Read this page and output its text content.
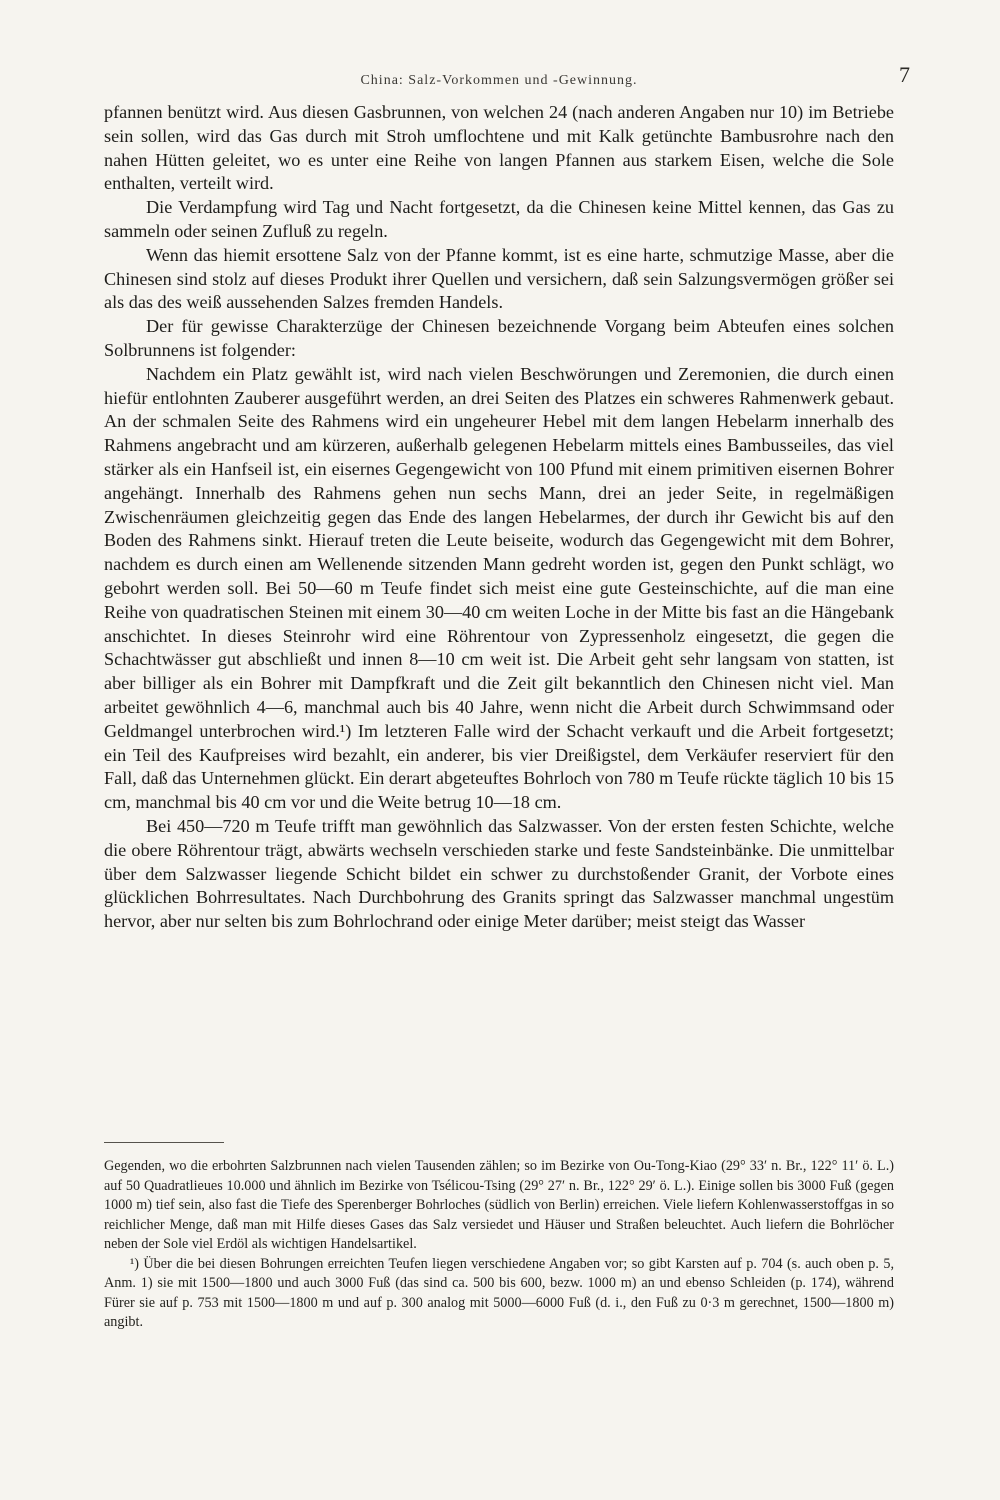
China: Salz-Vorkommen und -Gewinnung.	7

pfannen benützt wird. Aus diesen Gasbrunnen, von welchen 24 (nach anderen Angaben nur 10) im Betriebe sein sollen, wird das Gas durch mit Stroh umflochtene und mit Kalk getünchte Bambusrohre nach den nahen Hütten geleitet, wo es unter eine Reihe von langen Pfannen aus starkem Eisen, welche die Sole enthalten, verteilt wird.

Die Verdampfung wird Tag und Nacht fortgesetzt, da die Chinesen keine Mittel kennen, das Gas zu sammeln oder seinen Zufluß zu regeln.

Wenn das hiemit ersottene Salz von der Pfanne kommt, ist es eine harte, schmutzige Masse, aber die Chinesen sind stolz auf dieses Produkt ihrer Quellen und versichern, daß sein Salzungsvermögen größer sei als das des weiß aussehenden Salzes fremden Handels.

Der für gewisse Charakterzüge der Chinesen bezeichnende Vorgang beim Abteufen eines solchen Solbrunnens ist folgender:

Nachdem ein Platz gewählt ist, wird nach vielen Beschwörungen und Zeremonien, die durch einen hiefür entlohnten Zauberer ausgeführt werden, an drei Seiten des Platzes ein schweres Rahmenwerk gebaut. An der schmalen Seite des Rahmens wird ein ungeheurer Hebel mit dem langen Hebelarm innerhalb des Rahmens angebracht und am kürzeren, außerhalb gelegenen Hebelarm mittels eines Bambusseiles, das viel stärker als ein Hanfseil ist, ein eisernes Gegengewicht von 100 Pfund mit einem primitiven eisernen Bohrer angehängt. Innerhalb des Rahmens gehen nun sechs Mann, drei an jeder Seite, in regelmäßigen Zwischenräumen gleichzeitig gegen das Ende des langen Hebelarmes, der durch ihr Gewicht bis auf den Boden des Rahmens sinkt. Hierauf treten die Leute beiseite, wodurch das Gegengewicht mit dem Bohrer, nachdem es durch einen am Wellenende sitzenden Mann gedreht worden ist, gegen den Punkt schlägt, wo gebohrt werden soll. Bei 50—60 m Teufe findet sich meist eine gute Gesteinschichte, auf die man eine Reihe von quadratischen Steinen mit einem 30—40 cm weiten Loche in der Mitte bis fast an die Hängebank anschichtet. In dieses Steinrohr wird eine Röhrentour von Zypressenholz eingesetzt, die gegen die Schachtwässer gut abschließt und innen 8—10 cm weit ist. Die Arbeit geht sehr langsam von statten, ist aber billiger als ein Bohrer mit Dampfkraft und die Zeit gilt bekanntlich den Chinesen nicht viel. Man arbeitet gewöhnlich 4—6, manchmal auch bis 40 Jahre, wenn nicht die Arbeit durch Schwimmsand oder Geldmangel unterbrochen wird.¹) Im letzteren Falle wird der Schacht verkauft und die Arbeit fortgesetzt; ein Teil des Kaufpreises wird bezahlt, ein anderer, bis vier Dreißigstel, dem Verkäufer reserviert für den Fall, daß das Unternehmen glückt. Ein derart abgeteuftes Bohrloch von 780 m Teufe rückte täglich 10 bis 15 cm, manchmal bis 40 cm vor und die Weite betrug 10—18 cm.

Bei 450—720 m Teufe trifft man gewöhnlich das Salzwasser. Von der ersten festen Schichte, welche die obere Röhrentour trägt, abwärts wechseln verschieden starke und feste Sandsteinbänke. Die unmittelbar über dem Salzwasser liegende Schicht bildet ein schwer zu durchstoßender Granit, der Vorbote eines glücklichen Bohrresultates. Nach Durchbohrung des Granits springt das Salzwasser manchmal ungestüm hervor, aber nur selten bis zum Bohrlochrand oder einige Meter darüber; meist steigt das Wasser

Gegenden, wo die erbohrten Salzbrunnen nach vielen Tausenden zählen; so im Bezirke von Ou-Tong-Kiao (29° 33′ n. Br., 122° 11′ ö. L.) auf 50 Quadratlieues 10.000 und ähnlich im Bezirke von Tsélicou-Tsing (29° 27′ n. Br., 122° 29′ ö. L.). Einige sollen bis 3000 Fuß (gegen 1000 m) tief sein, also fast die Tiefe des Sperenberger Bohrloches (südlich von Berlin) erreichen. Viele liefern Kohlenwasserstoffgas in so reichlicher Menge, daß man mit Hilfe dieses Gases das Salz versiedet und Häuser und Straßen beleuchtet. Auch liefern die Bohrlöcher neben der Sole viel Erdöl als wichtigen Handelsartikel.

¹) Über die bei diesen Bohrungen erreichten Teufen liegen verschiedene Angaben vor; so gibt Karsten auf p. 704 (s. auch oben p. 5, Anm. 1) sie mit 1500—1800 und auch 3000 Fuß (das sind ca. 500 bis 600, bezw. 1000 m) an und ebenso Schleiden (p. 174), während Fürer sie auf p. 753 mit 1500—1800 m und auf p. 300 analog mit 5000—6000 Fuß (d. i., den Fuß zu 0·3 m gerechnet, 1500—1800 m) angibt.
